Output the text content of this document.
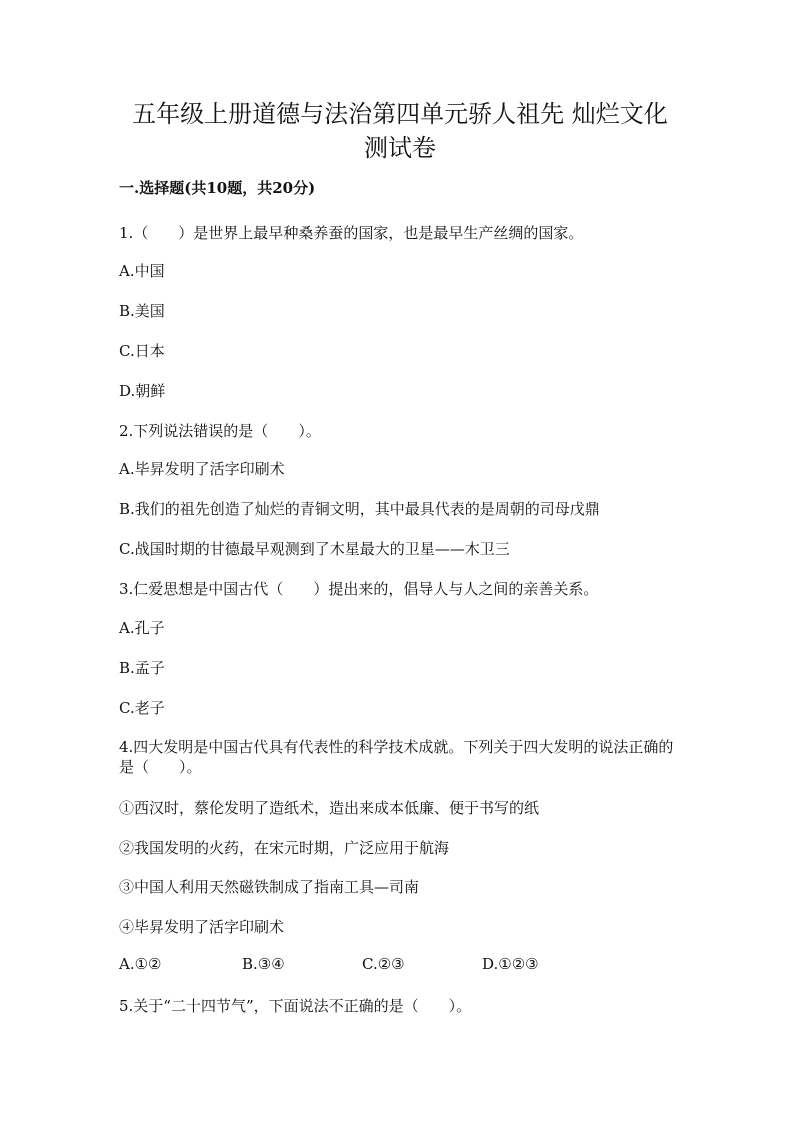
五年级上册道德与法治第四单元骄人祖先 灿烂文化
测试卷
一.选择题(共10题，共20分)
1.（　　）是世界上最早种桑养蚕的国家，也是最早生产丝绸的国家。
A.中国
B.美国
C.日本
D.朝鲜
2.下列说法错误的是（　　）。
A.毕昇发明了活字印刷术
B.我们的祖先创造了灿烂的青铜文明，其中最具代表的是周朝的司母戊鼎
C.战国时期的甘德最早观测到了木星最大的卫星——木卫三
3.仁爱思想是中国古代（　　）提出来的，倡导人与人之间的亲善关系。
A.孔子
B.孟子
C.老子
4.四大发明是中国古代具有代表性的科学技术成就。下列关于四大发明的说法正确的是（　　）。
①西汉时，蔡伦发明了造纸术，造出来成本低廉、便于书写的纸
②我国发明的火药，在宋元时期，广泛应用于航海
③中国人利用天然磁铁制成了指南工具—司南
④毕昇发明了活字印刷术
A.①②	B.③④	C.②③	D.①②③
5.关于“二十四节气”，下面说法不正确的是（　　）。
